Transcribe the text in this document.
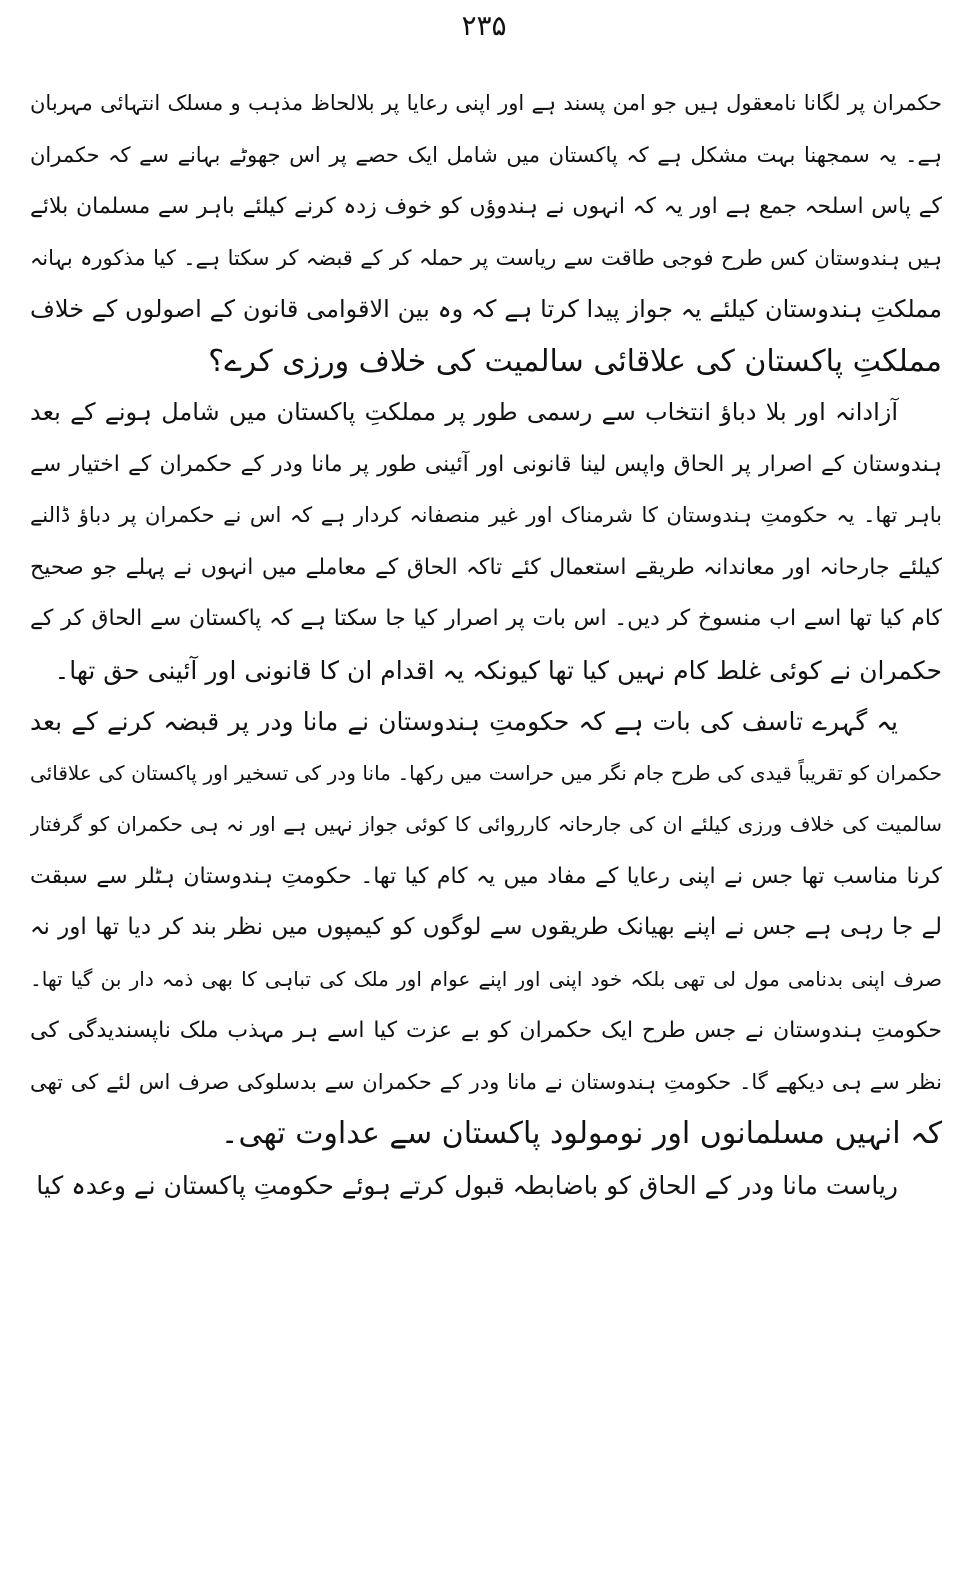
۲۳۵
حکمران پر لگانا نامعقول ہیں جو امن پسند ہے اور اپنی رعایا پر بلالحاظ مذہب و مسلک انتہائی مہربان
ہے۔ یہ سمجھنا بہت مشکل ہے کہ پاکستان میں شامل ایک حصے پر اس جھوٹے بہانے سے کہ حکمران
کے پاس اسلحہ جمع ہے اور یہ کہ انہوں نے ہندوؤں کو خوف زدہ کرنے کیلئے باہر سے مسلمان بلائے
ہیں ہندوستان کس طرح فوجی طاقت سے ریاست پر حملہ کر کے قبضہ کر سکتا ہے۔ کیا مذکورہ بہانہ
مملکتِ ہندوستان کیلئے یہ جواز پیدا کرتا ہے کہ وہ بین الاقوامی قانون کے اصولوں کے خلاف
مملکتِ پاکستان کی علاقائی سالمیت کی خلاف ورزی کرے؟
آزادانہ اور بلا دباؤ انتخاب سے رسمی طور پر مملکتِ پاکستان میں شامل ہونے کے بعد
ہندوستان کے اصرار پر الحاق واپس لینا قانونی اور آئینی طور پر مانا ودر کے حکمران کے اختیار سے
باہر تھا۔ یہ حکومتِ ہندوستان کا شرمناک اور غیر منصفانہ کردار ہے کہ اس نے حکمران پر دباؤ ڈالنے
کیلئے جارحانہ اور معاندانہ طریقے استعمال کئے تاکہ الحاق کے معاملے میں انہوں نے پہلے جو صحیح
کام کیا تھا اسے اب منسوخ کر دیں۔ اس بات پر اصرار کیا جا سکتا ہے کہ پاکستان سے الحاق کر کے
حکمران نے کوئی غلط کام نہیں کیا تھا کیونکہ یہ اقدام ان کا قانونی اور آئینی حق تھا۔
یہ گہرے تاسف کی بات ہے کہ حکومتِ ہندوستان نے مانا ودر پر قبضہ کرنے کے بعد
حکمران کو تقریباً قیدی کی طرح جام نگر میں حراست میں رکھا۔ مانا ودر کی تسخیر اور پاکستان کی علاقائی
سالمیت کی خلاف ورزی کیلئے ان کی جارحانہ کارروائی کا کوئی جواز نہیں ہے اور نہ ہی حکمران کو گرفتار
کرنا مناسب تھا جس نے اپنی رعایا کے مفاد میں یہ کام کیا تھا۔ حکومتِ ہندوستان ہٹلر سے سبقت
لے جا رہی ہے جس نے اپنے بھیانک طریقوں سے لوگوں کو کیمپوں میں نظر بند کر دیا تھا اور نہ
صرف اپنی بدنامی مول لی تھی بلکہ خود اپنی اور اپنے عوام اور ملک کی تباہی کا بھی ذمہ دار بن گیا تھا۔
حکومتِ ہندوستان نے جس طرح ایک حکمران کو بے عزت کیا اسے ہر مہذب ملک ناپسندیدگی کی
نظر سے ہی دیکھے گا۔ حکومتِ ہندوستان نے مانا ودر کے حکمران سے بدسلوکی صرف اس لئے کی تھی
کہ انہیں مسلمانوں اور نومولود پاکستان سے عداوت تھی۔
ریاست مانا ودر کے الحاق کو باضابطہ قبول کرتے ہوئے حکومتِ پاکستان نے وعدہ کیا
